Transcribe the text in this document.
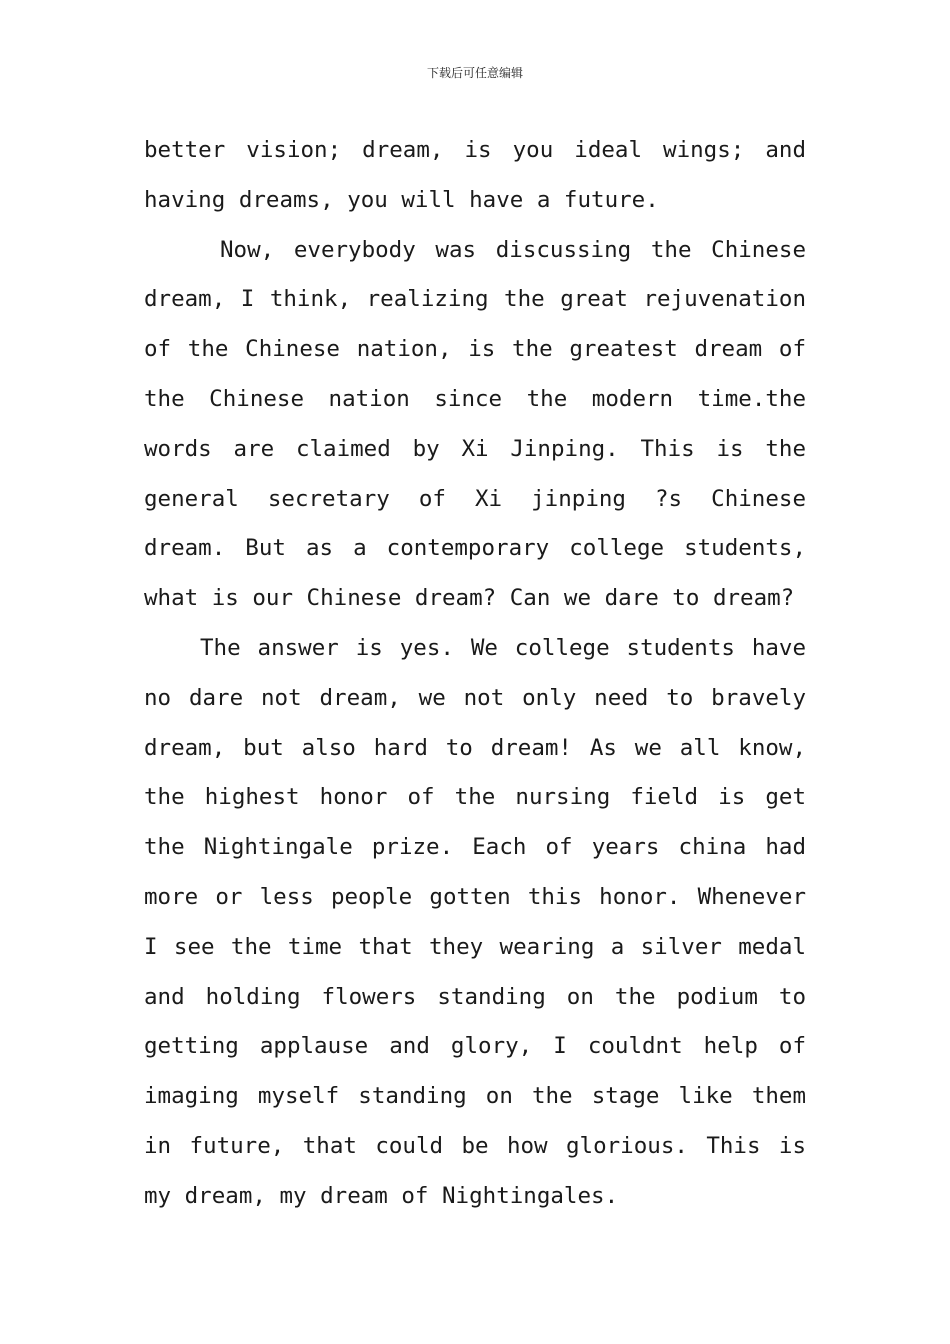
下载后可任意编辑

better vision; dream, is you ideal wings; and having dreams, you will have a future.

Now, everybody was discussing the Chinese dream, I think, realizing the great rejuvenation of the Chinese nation, is the greatest dream of the Chinese nation since the modern time.the words are claimed by Xi Jinping. This is the general secretary of Xi jinping ?s Chinese dream. But as a contemporary college students, what is our Chinese dream? Can we dare to dream?

The answer is yes. We college students have no dare not dream, we not only need to bravely dream, but also hard to dream! As we all know, the highest honor of the nursing field is get the Nightingale prize. Each of years china had more or less people gotten this honor. Whenever I see the time that they wearing a silver medal and holding flowers standing on the podium to getting applause and glory, I couldnt help of imaging myself standing on the stage like them in future, that could be how glorious. This is my dream, my dream of Nightingales.
